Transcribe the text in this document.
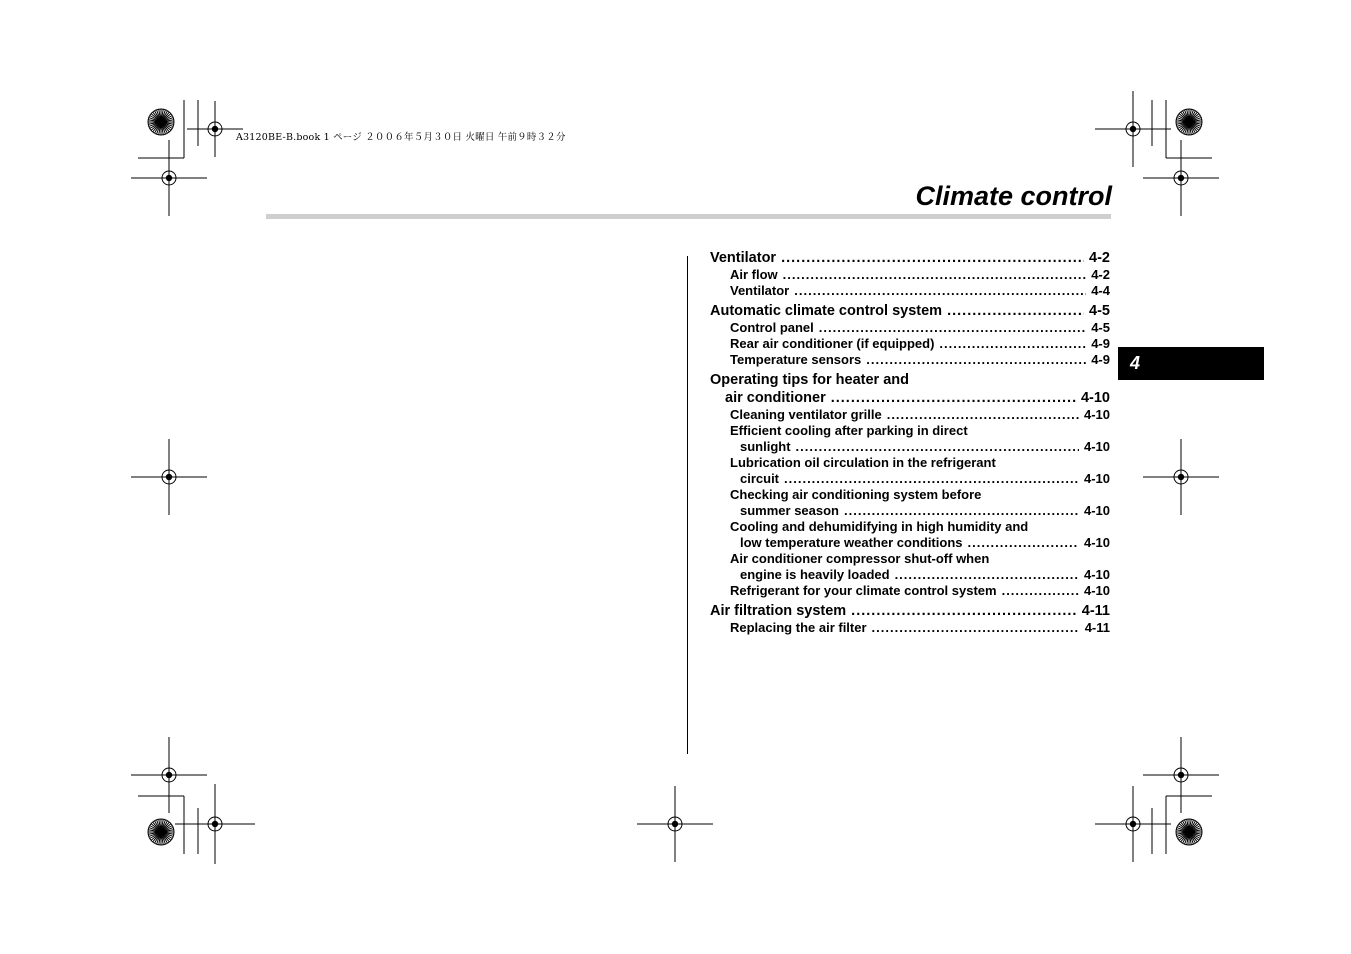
A3120BE-B.book 1 ページ ２００６年５月３０日 火曜日 午前９時３２分
Climate control
4
Ventilator .....	4-2
Air flow .....	4-2
Ventilator .....	4-4
Automatic climate control system .....	4-5
Control panel .....	4-5
Rear air conditioner (if equipped) .....	4-9
Temperature sensors .....	4-9
Operating tips for heater and
air conditioner .....	4-10
Cleaning ventilator grille .....	4-10
Efficient cooling after parking in direct
sunlight .....	4-10
Lubrication oil circulation in the refrigerant
circuit .....	4-10
Checking air conditioning system before
summer season .....	4-10
Cooling and dehumidifying in high humidity and
low temperature weather conditions .....	4-10
Air conditioner compressor shut-off when
engine is heavily loaded .....	4-10
Refrigerant for your climate control system .....	4-10
Air filtration system .....	4-11
Replacing the air filter .....	4-11
